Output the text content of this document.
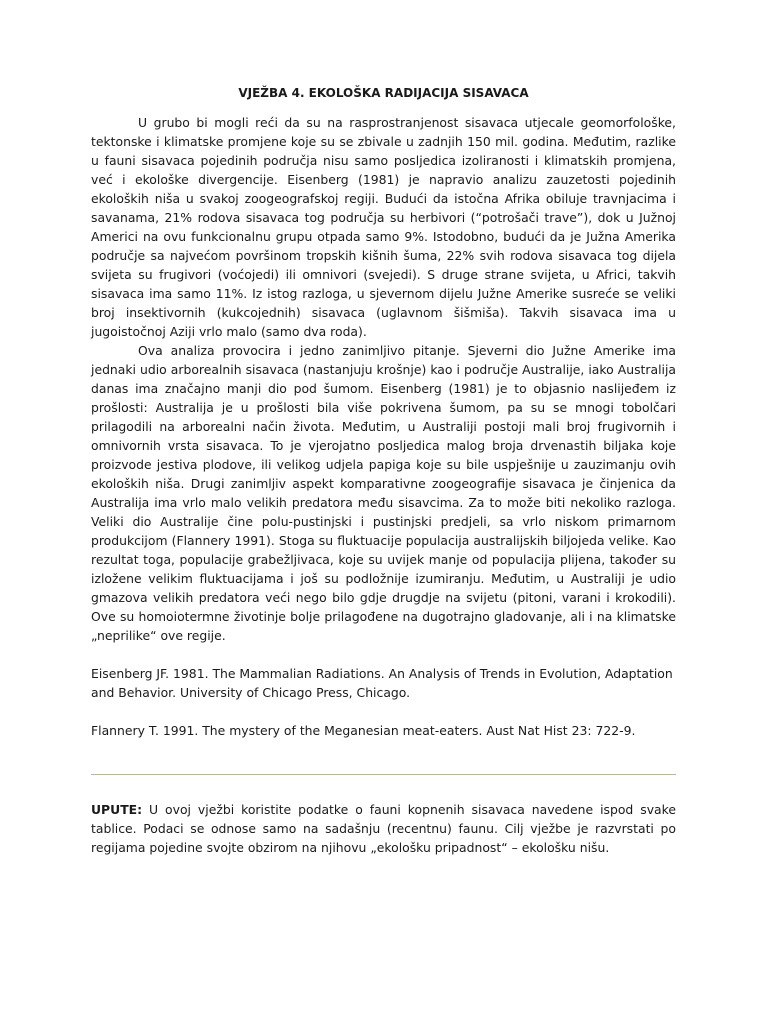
VJEŽBA 4. EKOLOŠKA RADIJACIJA SISAVACA

U grubo bi mogli reći da su na rasprostranjenost sisavaca utjecale geomorfološke, tektonske i klimatske promjene koje su se zbivale u zadnjih 150 mil. godina. Međutim, razlike u fauni sisavaca pojedinih područja nisu samo posljedica izoliranosti i klimatskih promjena, već i ekološke divergencije. Eisenberg (1981) je napravio analizu zauzetosti pojedinih ekoloških niša u svakoj zoogeografskoj regiji. Budući da istočna Afrika obiluje travnjacima i savanama, 21% rodova sisavaca tog područja su herbivori (“potrošači trave”), dok u Južnoj Americi na ovu funkcionalnu grupu otpada samo 9%. Istodobno, budući da je Južna Amerika područje sa najvećom površinom tropskih kišnih šuma, 22% svih rodova sisavaca tog dijela svijeta su frugivori (voćojedi) ili omnivori (svejedi). S druge strane svijeta, u Africi, takvih sisavaca ima samo 11%. Iz istog razloga, u sjevernom dijelu Južne Amerike susreće se veliki broj insektivornih (kukcojednih) sisavaca (uglavnom šišmiša). Takvih sisavaca ima u jugoistočnoj Aziji vrlo malo (samo dva roda).

Ova analiza provocira i jedno zanimljivo pitanje. Sjeverni dio Južne Amerike ima jednaki udio arborealnih sisavaca (nastanjuju krošnje) kao i područje Australije, iako Australija danas ima značajno manji dio pod šumom. Eisenberg (1981) je to objasnio naslijeđem iz prošlosti: Australija je u prošlosti bila više pokrivena šumom, pa su se mnogi tobolčari prilagodili na arborealni način života. Međutim, u Australiji postoji mali broj frugivornih i omnivornih vrsta sisavaca. To je vjerojatno posljedica malog broja drvenastih biljaka koje proizvode jestiva plodove, ili velikog udjela papiga koje su bile uspješnije u zauzimanju ovih ekoloških niša. Drugi zanimljiv aspekt komparativne zoogeografije sisavaca je činjenica da Australija ima vrlo malo velikih predatora među sisavcima. Za to može biti nekoliko razloga. Veliki dio Australije čine polu-pustinjski i pustinjski predjeli, sa vrlo niskom primarnom produkcijom (Flannery 1991). Stoga su fluktuacije populacija australijskih biljojeda velike. Kao rezultat toga, populacije grabežljivaca, koje su uvijek manje od populacija plijena, također su izložene velikim fluktuacijama i još su podložnije izumiranju. Međutim, u Australiji je udio gmazova velikih predatora veći nego bilo gdje drugdje na svijetu (pitoni, varani i krokodili). Ove su homoiotermne životinje bolje prilagođene na dugotrajno gladovanje, ali i na klimatske „neprilike“ ove regije.

Eisenberg JF. 1981. The Mammalian Radiations. An Analysis of Trends in Evolution, Adaptation and Behavior. University of Chicago Press, Chicago.

Flannery T. 1991. The mystery of the Meganesian meat-eaters. Aust Nat Hist 23: 722-9.

UPUTE: U ovoj vježbi koristite podatke o fauni kopnenih sisavaca navedene ispod svake tablice. Podaci se odnose samo na sadašnju (recentnu) faunu. Cilj vježbe je razvrstati po regijama pojedine svojte obzirom na njihovu „ekološku pripadnost“ – ekološku nišu.
